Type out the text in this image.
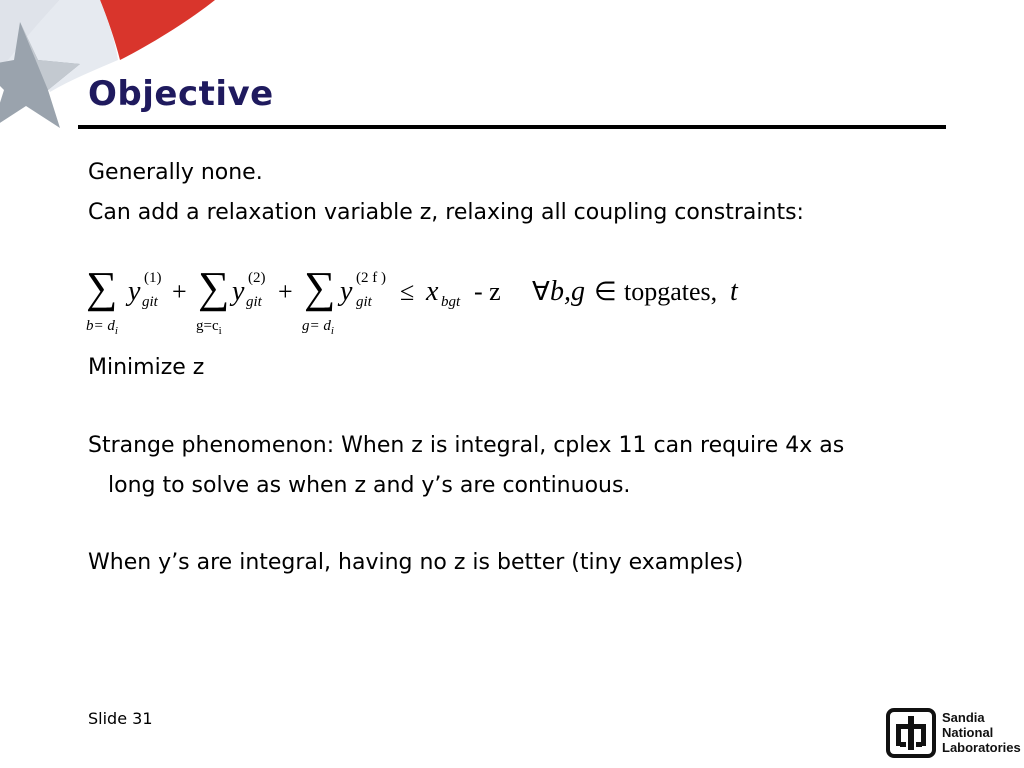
Objective
Generally none.
Can add a relaxation variable z, relaxing all coupling constraints:
∑ y (1)
git + ∑ y (2)
git + ∑ y (2 f )
git ≤ x bgt - z ∀ b,g ∈ topgates, t
$b= d_i$	$g=c_i$	$g= d_i$
Minimize z
Strange phenomenon: When z is integral, cplex 11 can require 4x as
long to solve as when z and y’s are continuous.
When y’s are integral, having no z is better (tiny examples)
Slide 31	Sandia
National
Laboratories
